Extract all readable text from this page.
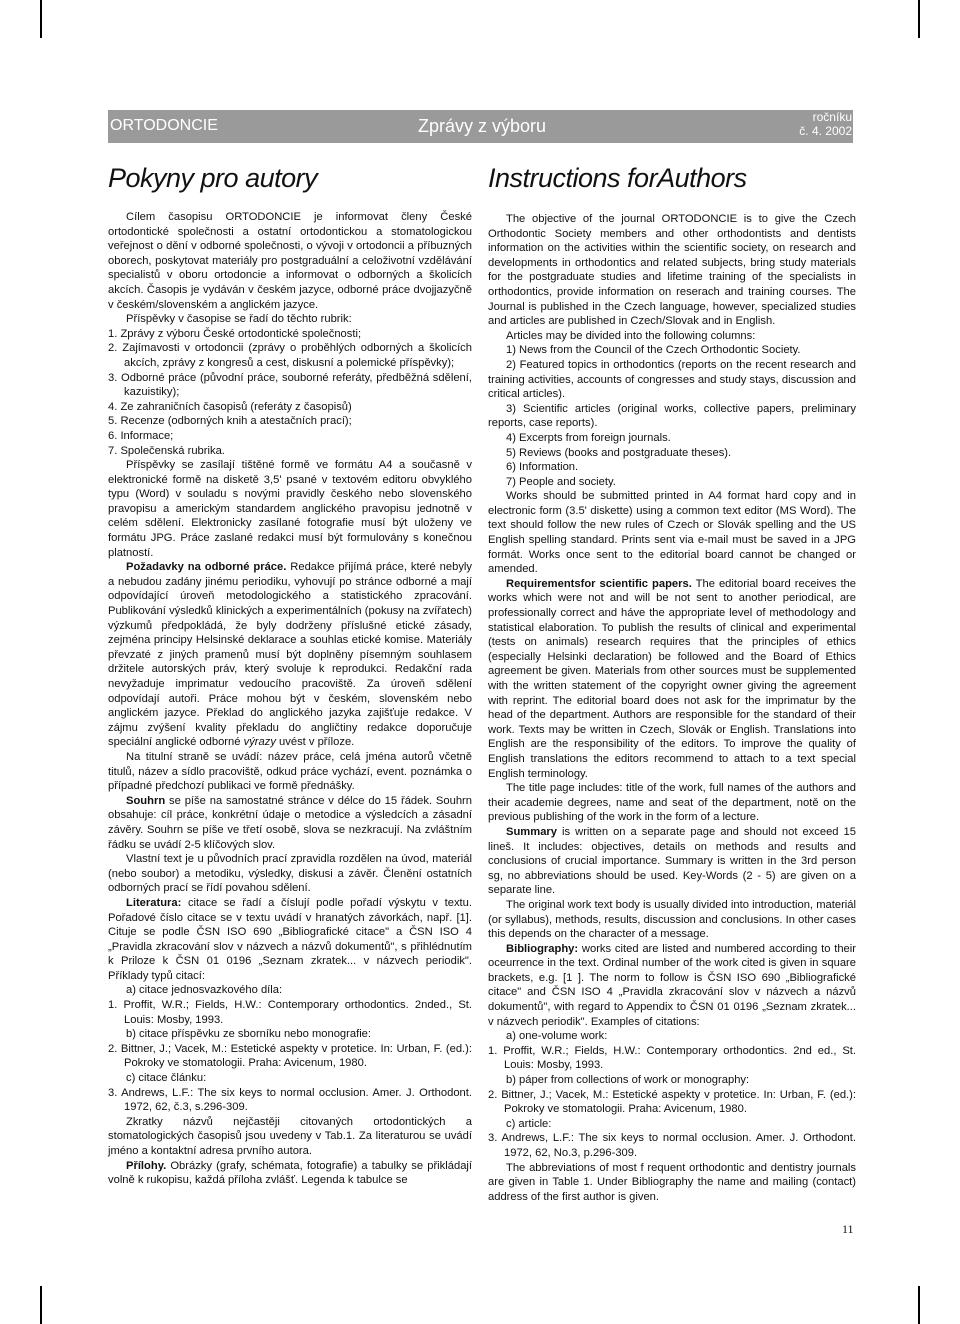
ORTODONCIE	Zprávy z výboru	ročníku
č. 4. 2002
Pokyny pro autory	Instructions forAuthors

Cílem časopisu ORTODONCIE je informovat členy České ortodontické společnosti a ostatní ortodontickou a stomatologickou veřejnost o dění v odborné společnosti, o vývoji v ortodoncii a příbuzných oborech, poskytovat materiály pro postgraduální a celoživotní vzdělávání specialistů v oboru ortodoncie a informovat o odborných a školicích akcích. Časopis je vydáván v českém jazyce, odborné práce dvojjazyčně v českém/slovenském a anglickém jazyce.

Příspěvky v časopise se řadí do těchto rubrik:

1. Zprávy z výboru České ortodontické společnosti;

2. Zajímavosti v ortodoncii (zprávy o proběhlých odborných a školicích akcích, zprávy z kongresů a cest, diskusní a polemické příspěvky);

3. Odborné práce (původní práce, souborné referáty, předběžná sdělení, kazuistiky);

4. Ze zahraničních časopisů (referáty z časopisů)

5. Recenze (odborných knih a atestačních prací);

6. Informace;

7. Společenská rubrika.

Příspěvky se zasílají tištěné formě ve formátu A4 a současně v elektronické formě na disketě 3,5' psané v textovém editoru obvyklého typu (Word) v souladu s novými pravidly českého nebo slovenského pravopisu a americkým standardem anglického pravopisu jednotně v celém sdělení. Elektronicky zasílané fotografie musí být uloženy ve formátu JPG. Práce zaslané redakci musí být formulovány s konečnou platností.

Požadavky na odborné práce. Redakce přijímá práce, které nebyly a nebudou zadány jinému periodiku, vyhovují po stránce odborné a mají odpovídající úroveň metodologického a statistického zpracování. Publikování výsledků klinických a experimentálních (pokusy na zvířatech) výzkumů předpokládá, že byly dodrženy příslušné etické zásady, zejména principy Helsinské deklarace a souhlas etické komise. Materiály převzaté z jiných pramenů musí být doplněny písemným souhlasem držitele autorských práv, který svoluje k reprodukci. Redakční rada nevyžaduje imprimatur vedoucího pracoviště. Za úroveň sdělení odpovídají autoři. Práce mohou být v českém, slovenském nebo anglickém jazyce. Překlad do anglického jazyka zajišťuje redakce. V zájmu zvýšení kvality překladu do angličtiny redakce doporučuje speciální anglické odborné výrazy uvést v příloze.

Na titulní straně se uvádí: název práce, celá jména autorů včetně titulů, název a sídlo pracoviště, odkud práce vychází, event. poznámka o případné předchozí publikaci ve formě přednášky.

Souhrn se píše na samostatné stránce v délce do 15 řádek. Souhrn obsahuje: cíl práce, konkrétní údaje o metodice a výsledcích a zásadní závěry. Souhrn se píše ve třetí osobě, slova se nezkracují. Na zvláštním řádku se uvádí 2-5 klíčových slov.

Vlastní text je u původních prací zpravidla rozdělen na úvod, materiál (nebo soubor) a metodiku, výsledky, diskusi a závěr. Členění ostatních odborných prací se řídí povahou sdělení.

Literatura: citace se řadí a číslují podle pořadí výskytu v textu. Pořadové číslo citace se v textu uvádí v hranatých závorkách, např. [1]. Cituje se podle ČSN ISO 690 „Bibliografické citace" a ČSN ISO 4 „Pravidla zkracování slov v názvech a názvů dokumentů", s přihlédnutím k Priloze k ČSN 01 0196 „Seznam zkratek... v názvech periodik". Příklady typů citací:

a) citace jednosvazkového díla:

1. Proffit, W.R.; Fields, H.W.: Contemporary orthodontics. 2nded., St. Louis: Mosby, 1993.

b) citace příspěvku ze sborníku nebo monografie:

2. Bittner, J.; Vacek, M.: Estetické aspekty v protetice. In: Urban, F. (ed.): Pokroky ve stomatologii. Praha: Avicenum, 1980.

c) citace článku:

3. Andrews, L.F.: The six keys to normal occlusion. Amer. J. Orthodont. 1972, 62, č.3, s.296-309.

Zkratky názvů nejčastěji citovaných ortodontických a stomatologických časopisů jsou uvedeny v Tab.1. Za literaturou se uvádí jméno a kontaktní adresa prvního autora.

Přílohy. Obrázky (grafy, schémata, fotografie) a tabulky se přikládají volně k rukopisu, každá příloha zvlášť. Legenda k tabulce se

The objective of the journal ORTODONCIE is to give the Czech Orthodontic Society members and other orthodontists and dentists information on the activities within the scientific society, on research and developments in orthodontics and related subjects, bring study materials for the postgraduate studies and lifetime training of the specialists in orthodontics, provide information on reserach and training courses. The Journal is published in the Czech language, however, specialized studies and articles are published in Czech/Slovak and in English.

Articles may be divided into the following columns:

1) News from the Council of the Czech Orthodontic Society.

2) Featured topics in orthodontics (reports on the recent research and training activities, accounts of congresses and study stays, discussion and critical articles).

3) Scientific articles (original works, collective papers, preliminary reports, case reports).

4) Excerpts from foreign journals.

5) Reviews (books and postgraduate theses).

6) Information.

7) People and society.

Works should be submitted printed in A4 format hard copy and in electronic form (3.5' diskette) using a common text editor (MS Word). The text should follow the new rules of Czech or Slovák spelling and the US English spelling standard. Prints sent via e-mail must be saved in a JPG formát. Works once sent to the editorial board cannot be changed or amended.

Requirementsfor scientific papers. The editorial board receives the works which were not and will be not sent to another periodical, are professionally correct and háve the appropriate level of methodology and statistical elaboration. To publish the results of clinical and experimental (tests on animals) research requires that the principles of ethics (especially Helsinki declaration) be followed and the Board of Ethics agreement be given. Materials from other sources must be supplemented with the written statement of the copyright owner giving the agreement with reprint. The editorial board does not ask for the imprimatur by the head of the department. Authors are responsible for the standard of their work. Texts may be written in Czech, Slovák or English. Translations into English are the responsibility of the editors. To improve the quality of English translations the editors recommend to attach to a text special English terminology.

The title page includes: title of the work, full names of the authors and their academie degrees, name and seat of the department, notě on the previous publishing of the work in the form of a lecture.

Summary is written on a separate page and should not exceed 15 lineš. It includes: objectives, details on methods and results and conclusions of crucial importance. Summary is written in the 3rd person sg, no abbreviations should be used. Key-Words (2 - 5) are given on a separate line.

The original work text body is usually divided into introduction, materiál (or syllabus), methods, results, discussion and conclusions. In other cases this depends on the character of a message.

Bibliography: works cited are listed and numbered according to their oceurrence in the text. Ordinal number of the work cited is given in square brackets, e.g. [1 ]. The norm to follow is ČSN ISO 690 „Bibliografické citace" and ČSN ISO 4 „Pravidla zkracování slov v názvech a názvů dokumentů", with regard to Appendix to ČSN 01 0196 „Seznam zkratek... v názvech periodik". Examples of citations:

a) one-volume work:

1. Proffit, W.R.; Fields, H.W.: Contemporary orthodontics. 2nd ed., St. Louis: Mosby, 1993.

b) páper from collections of work or monography:

2. Bittner, J.; Vacek, M.: Estetické aspekty v protetice. In: Urban, F. (ed.): Pokroky ve stomatologii. Praha: Avicenum, 1980.

c) article:

3. Andrews, L.F.: The six keys to normal occlusion. Amer. J. Orthodont. 1972, 62, No.3, p.296-309.

The abbreviations of most f requent orthodontic and dentistry journals are given in Table 1. Under Bibliography the name and mailing (contact) address of the first author is given.

11
